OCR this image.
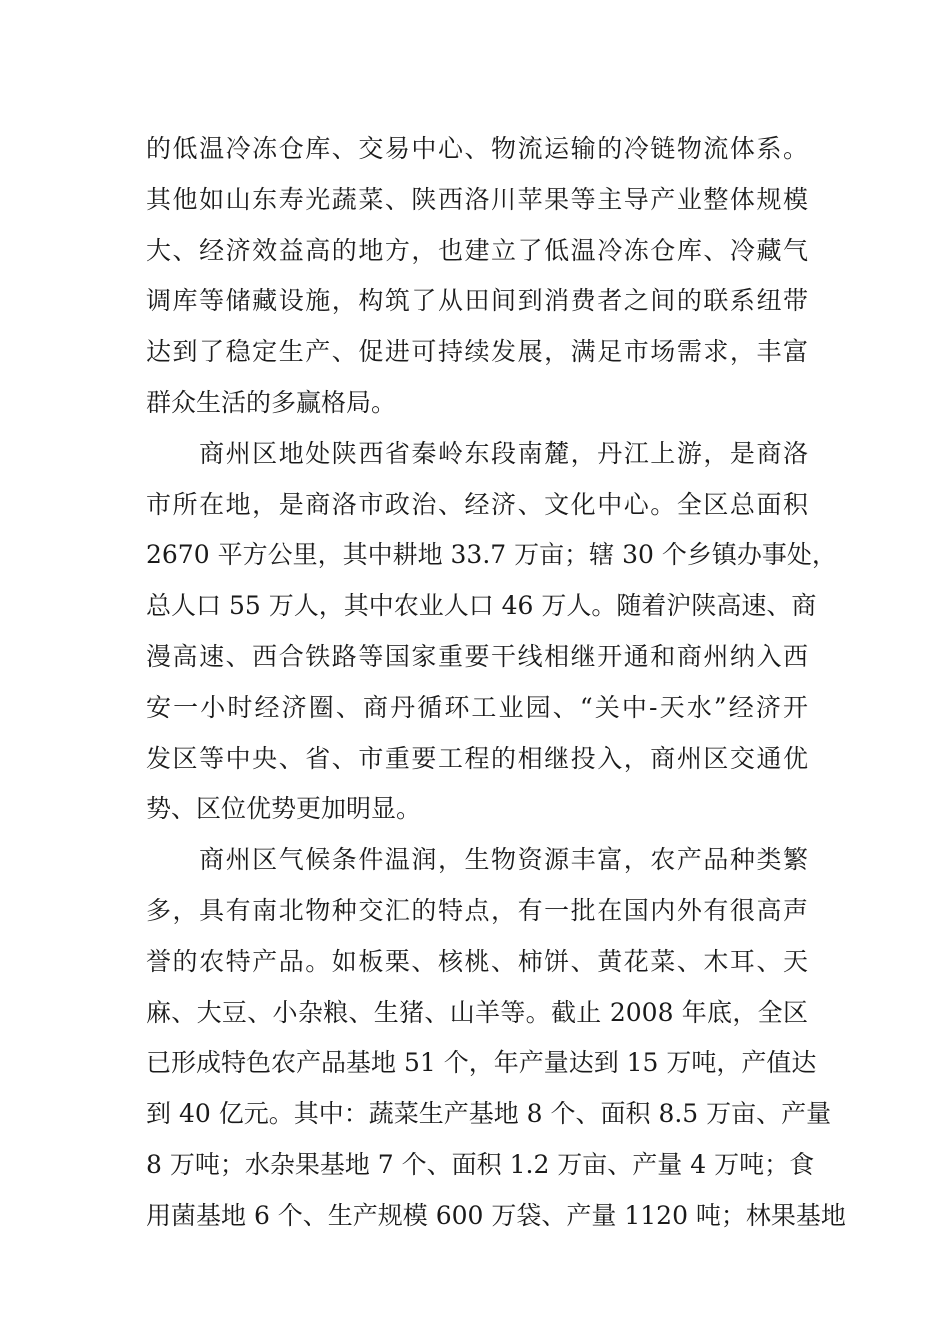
的低温冷冻仓库、交易中心、物流运输的冷链物流体系。
其他如山东寿光蔬菜、陕西洛川苹果等主导产业整体规模
大、经济效益高的地方，也建立了低温冷冻仓库、冷藏气
调库等储藏设施，构筑了从田间到消费者之间的联系纽带
达到了稳定生产、促进可持续发展，满足市场需求，丰富
群众生活的多赢格局。
　　商州区地处陕西省秦岭东段南麓，丹江上游，是商洛
市所在地，是商洛市政治、经济、文化中心。全区总面积
2670 平方公里，其中耕地 33.7 万亩；辖 30 个乡镇办事处，
总人口 55 万人，其中农业人口 46 万人。随着沪陕高速、商
漫高速、西合铁路等国家重要干线相继开通和商州纳入西
安一小时经济圈、商丹循环工业园、“关中-天水”经济开
发区等中央、省、市重要工程的相继投入，商州区交通优
势、区位优势更加明显。
　　商州区气候条件温润，生物资源丰富，农产品种类繁
多，具有南北物种交汇的特点，有一批在国内外有很高声
誉的农特产品。如板栗、核桃、柿饼、黄花菜、木耳、天
麻、大豆、小杂粮、生猪、山羊等。截止 2008 年底，全区
已形成特色农产品基地 51 个，年产量达到 15 万吨，产值达
到 40 亿元。其中：蔬菜生产基地 8 个、面积 8.5 万亩、产量
8 万吨；水杂果基地 7 个、面积 1.2 万亩、产量 4 万吨；食
用菌基地 6 个、生产规模 600 万袋、产量 1120 吨；林果基地
